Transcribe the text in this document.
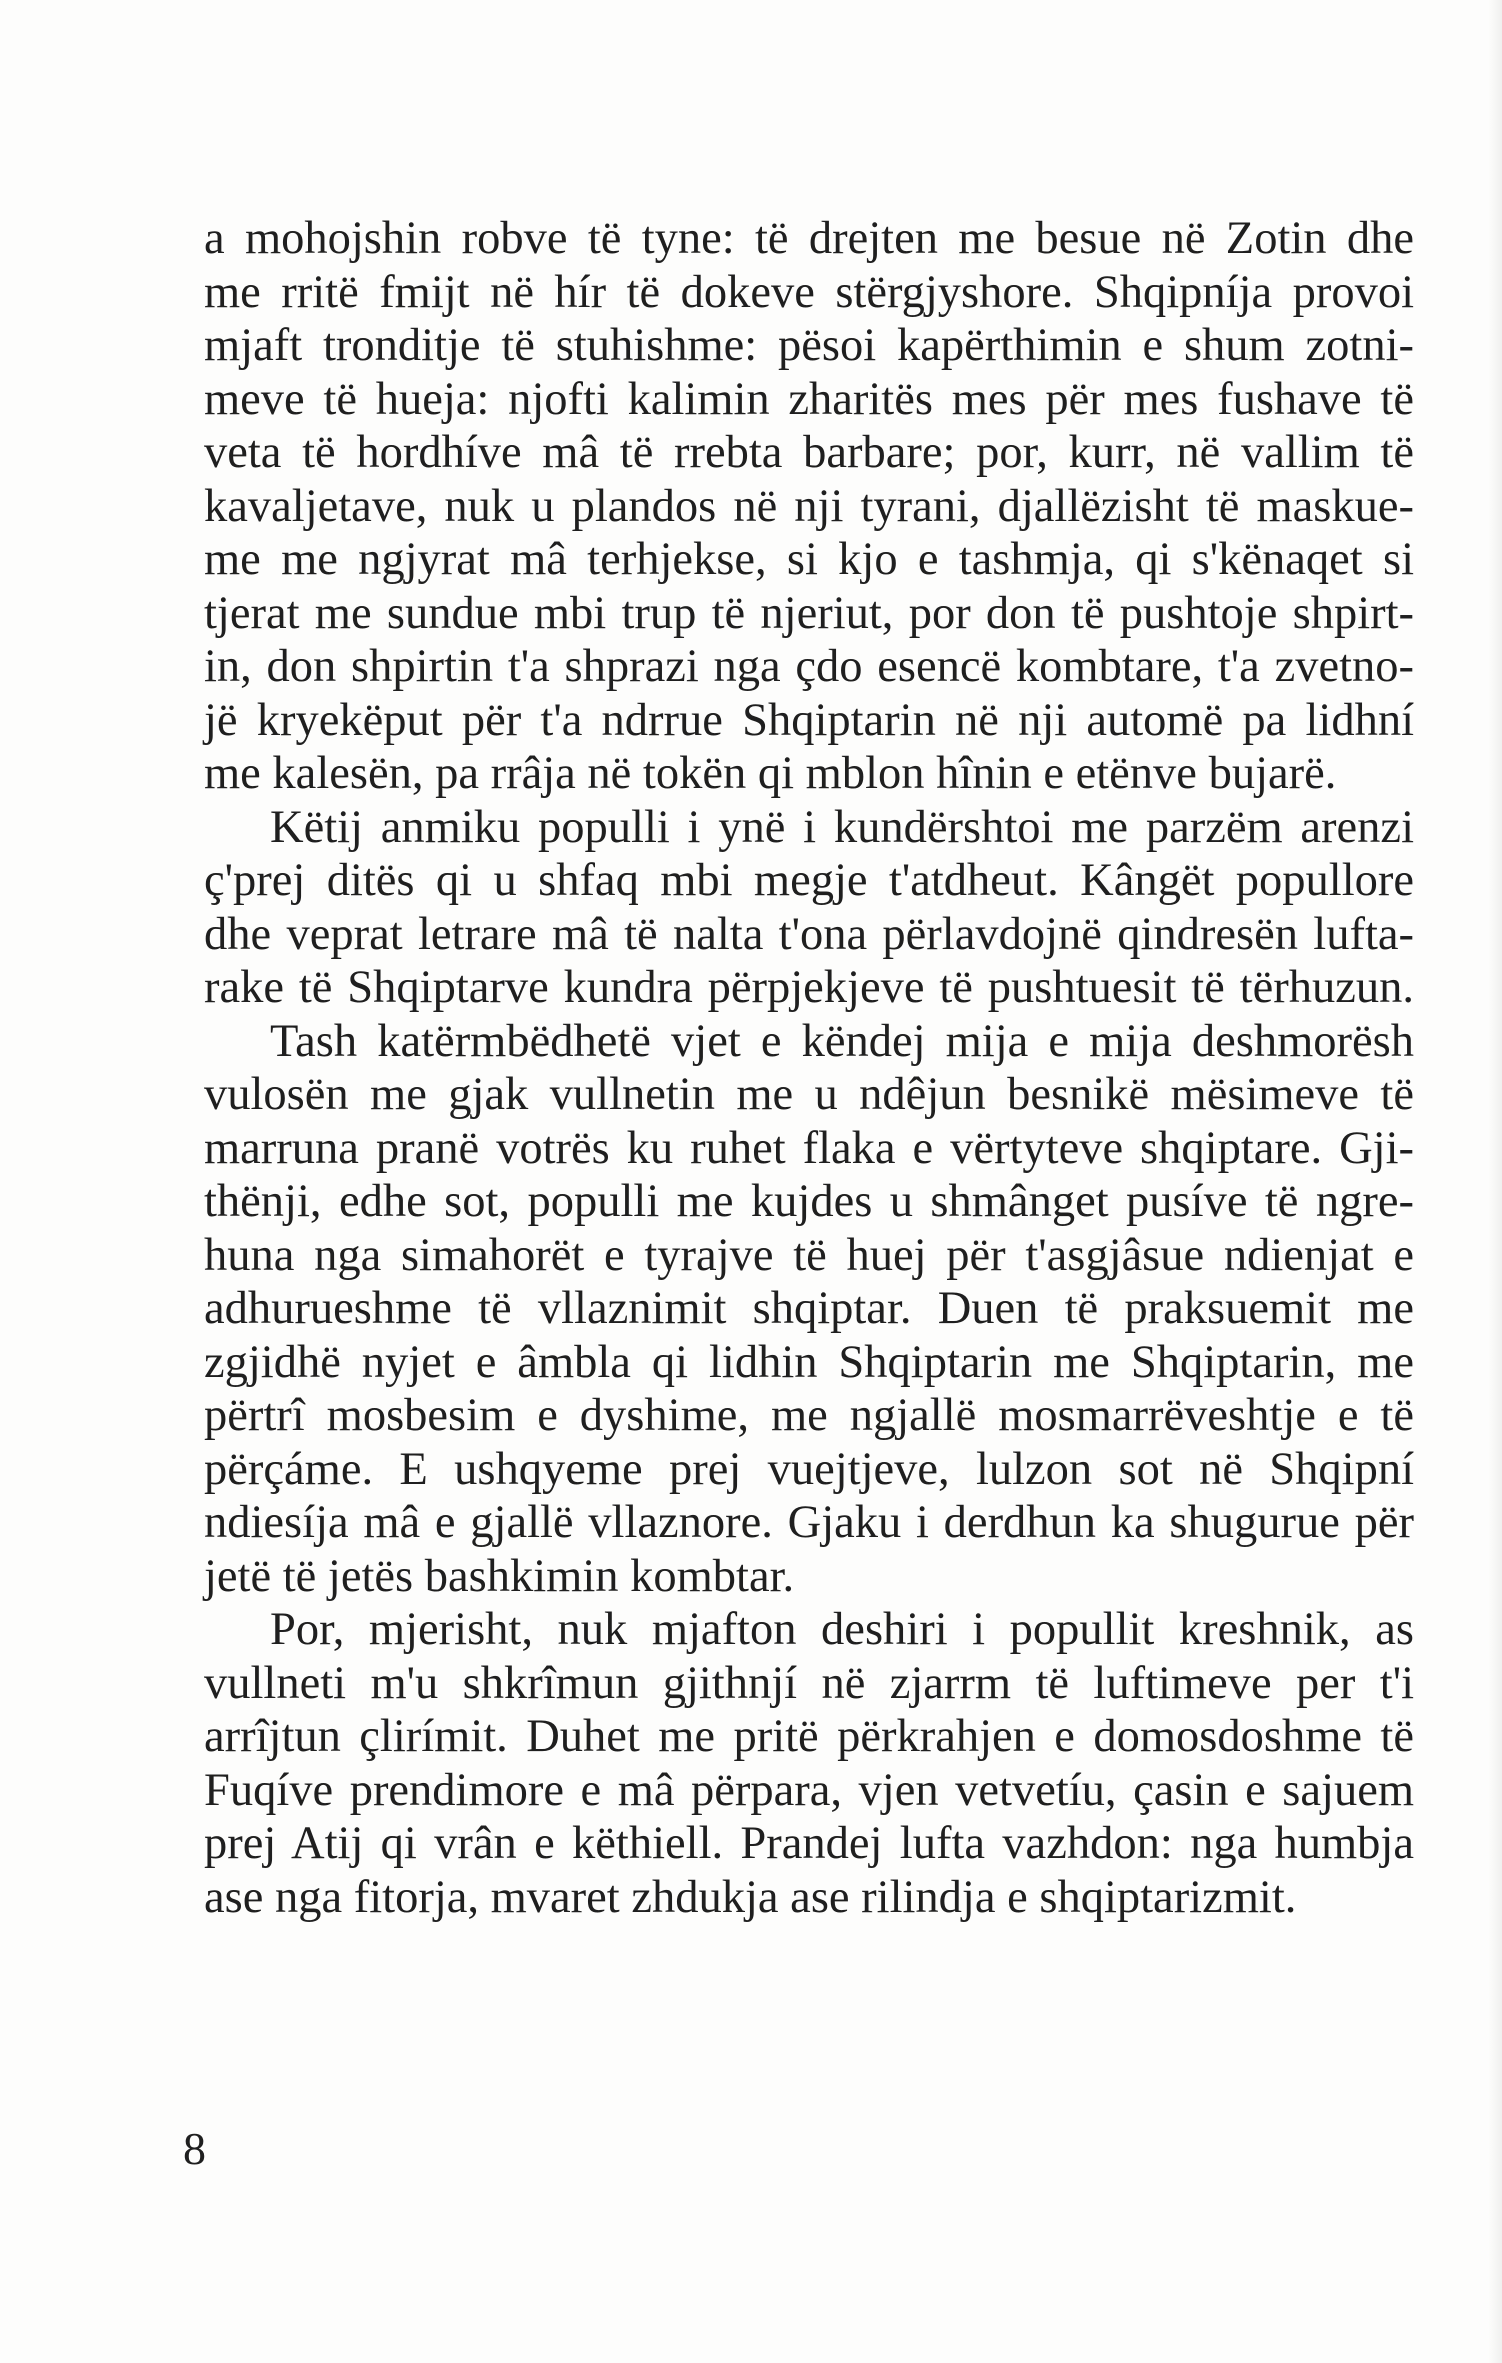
a mohojshin robve të tyne: të drejten me besue në Zotin dhe
me rritë fmijt në hír të dokeve stërgjyshore. Shqipníja provoi
mjaft tronditje të stuhishme: pësoi kapërthimin e shum zotni-
meve të hueja: njofti kalimin zharitës mes për mes fushave të
veta të hordhíve mâ të rrebta barbare; por, kurr, në vallim të
kavaljetave, nuk u plandos në nji tyrani, djallëzisht të maskue-
me me ngjyrat mâ terhjekse, si kjo e tashmja, qi s'kënaqet si
tjerat me sundue mbi trup të njeriut, por don të pushtoje shpirt-
in, don shpirtin t'a shprazi nga çdo esencë kombtare, t'a zvetno-
jë kryekëput për t'a ndrrue Shqiptarin në nji automë pa lidhní
me kalesën, pa rrâja në tokën qi mblon hînin e etënve bujarë.

Këtij anmiku populli i ynë i kundërshtoi me parzëm arenzi
ç'prej ditës qi u shfaq mbi megje t'atdheut. Kângët popullore
dhe veprat letrare mâ të nalta t'ona përlavdojnë qindresën lufta-
rake të Shqiptarve kundra përpjekjeve të pushtuesit të tërhuzun.

Tash katërmbëdhetë vjet e këndej mija e mija deshmorësh
vulosën me gjak vullnetin me u ndêjun besnikë mësimeve të
marruna pranë votrës ku ruhet flaka e vërtyteve shqiptare. Gji-
thënji, edhe sot, populli me kujdes u shmânget pusíve të ngre-
huna nga simahorët e tyrajve të huej për t'asgjâsue ndienjat e
adhurueshme të vllaznimit shqiptar. Duen të praksuemit me
zgjidhë nyjet e âmbla qi lidhin Shqiptarin me Shqiptarin, me
përtrî mosbesim e dyshime, me ngjallë mosmarrëveshtje e të
përçáme. E ushqyeme prej vuejtjeve, lulzon sot në Shqipní
ndiesíja mâ e gjallë vllaznore. Gjaku i derdhun ka shugurue për
jetë të jetës bashkimin kombtar.

Por, mjerisht, nuk mjafton deshiri i popullit kreshnik, as
vullneti m'u shkrîmun gjithnjí në zjarrm të luftimeve per t'i
arrîjtun çlirímit. Duhet me pritë përkrahjen e domosdoshme të
Fuqíve prendimore e mâ përpara, vjen vetvetíu, çasin e sajuem
prej Atij qi vrân e këthiell. Prandej lufta vazhdon: nga humbja
ase nga fitorja, mvaret zhdukja ase rilindja e shqiptarizmit.

8
